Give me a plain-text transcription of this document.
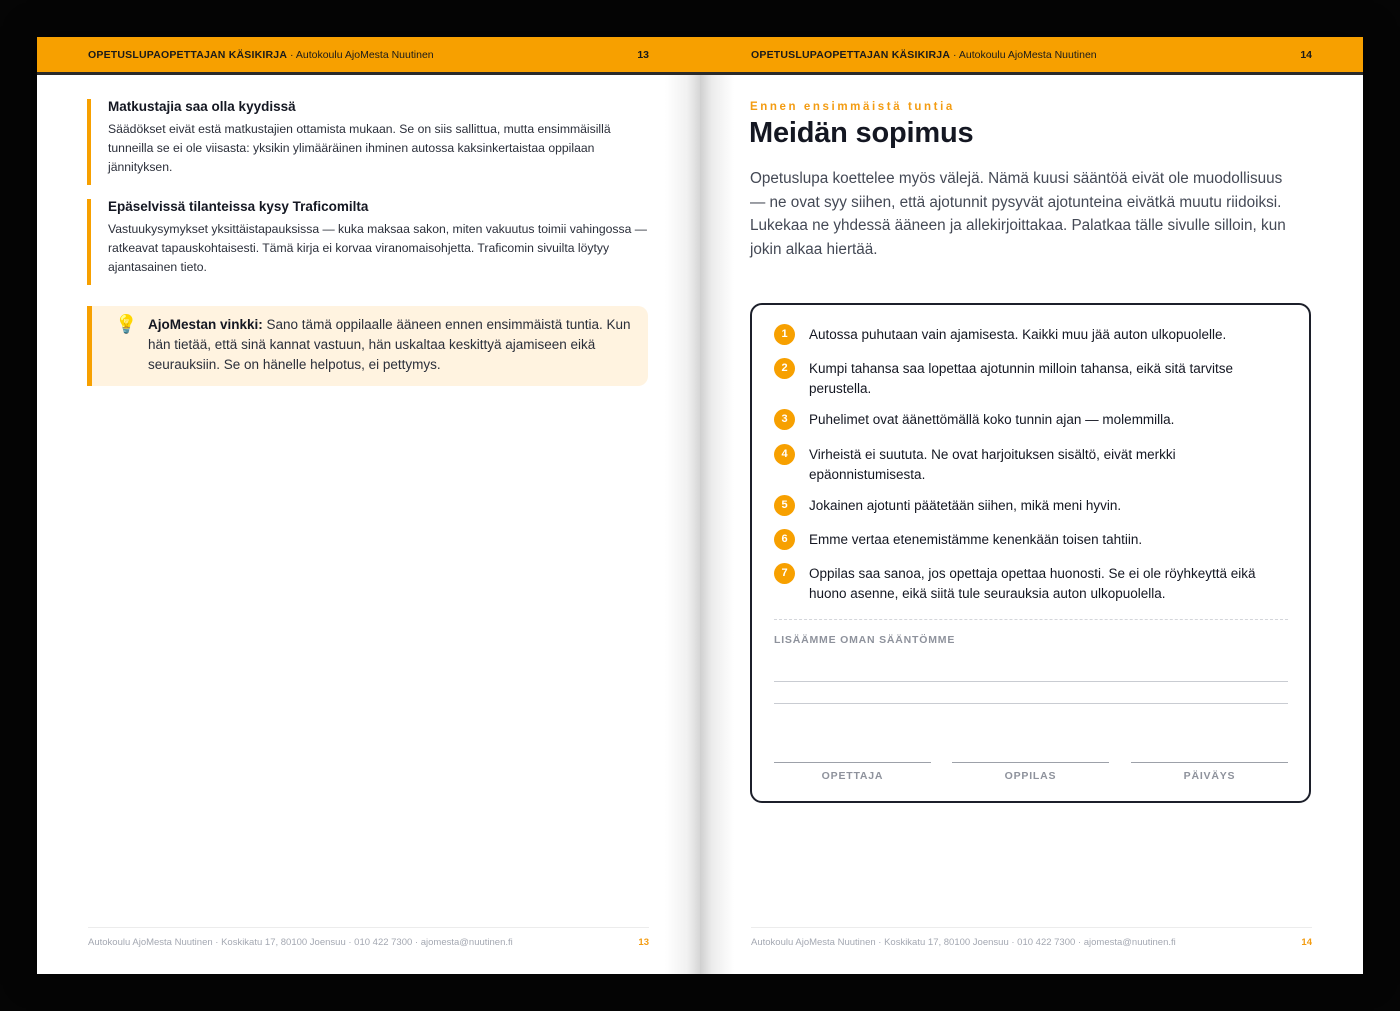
OPETUSLUPAOPETTAJAN KÄSIKIRJA · Autokoulu AjoMesta Nuutinen	13
Matkustajia saa olla kyydissä

Säädökset eivät estä matkustajien ottamista mukaan. Se on siis sallittua, mutta ensimmäisillä tunneilla se ei ole viisasta: yksikin ylimääräinen ihminen autossa kaksinkertaistaa oppilaan jännityksen.

Epäselvissä tilanteissa kysy Traficomilta

Vastuukysymykset yksittäistapauksissa — kuka maksaa sakon, miten vakuutus toimii vahingossa — ratkeavat tapauskohtaisesti. Tämä kirja ei korvaa viranomaisohjetta. Traficomin sivuilta löytyy ajantasainen tieto.

💡 AjoMestan vinkki: Sano tämä oppilaalle ääneen ennen ensimmäistä tuntia. Kun hän tietää, että sinä kannat vastuun, hän uskaltaa keskittyä ajamiseen eikä seurauksiin. Se on hänelle helpotus, ei pettymys.

Autokoulu AjoMesta Nuutinen · Koskikatu 17, 80100 Joensuu · 010 422 7300 · ajomesta@nuutinen.fi	13
OPETUSLUPAOPETTAJAN KÄSIKIRJA · Autokoulu AjoMesta Nuutinen	14
Ennen ensimmäistä tuntia
Meidän sopimus

Opetuslupa koettelee myös välejä. Nämä kuusi sääntöä eivät ole muodollisuus — ne ovat syy siihen, että ajotunnit pysyvät ajotunteina eivätkä muutu riidoiksi. Lukekaa ne yhdessä ääneen ja allekirjoittakaa. Palatkaa tälle sivulle silloin, kun jokin alkaa hiertää.

1	Autossa puhutaan vain ajamisesta. Kaikki muu jää auton ulkopuolelle.
2	Kumpi tahansa saa lopettaa ajotunnin milloin tahansa, eikä sitä tarvitse perustella.
3	Puhelimet ovat äänettömällä koko tunnin ajan — molemmilla.
4	Virheistä ei suututa. Ne ovat harjoituksen sisältö, eivät merkki epäonnistumisesta.
5	Jokainen ajotunti päätetään siihen, mikä meni hyvin.
6	Emme vertaa etenemistämme kenenkään toisen tahtiin.
7	Oppilas saa sanoa, jos opettaja opettaa huonosti. Se ei ole röyhkeyttä eikä huono asenne, eikä siitä tule seurauksia auton ulkopuolella.
LISÄÄMME OMAN SÄÄNTÖMME
OPETTAJA	OPPILAS	PÄIVÄYS
Autokoulu AjoMesta Nuutinen · Koskikatu 17, 80100 Joensuu · 010 422 7300 · ajomesta@nuutinen.fi	14
